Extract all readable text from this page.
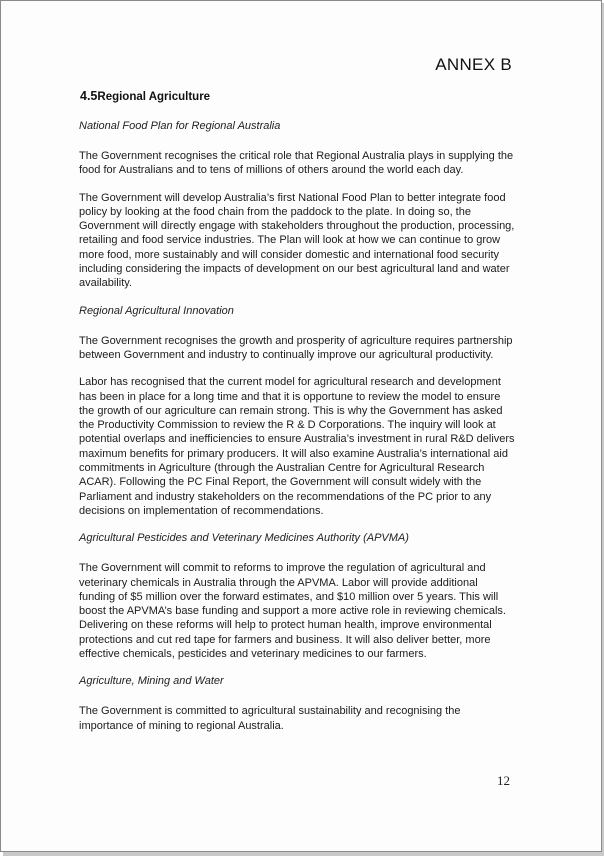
ANNEX B
4.5Regional Agriculture
National Food Plan for Regional Australia

The Government recognises the critical role that Regional Australia plays in supplying the food for Australians and to tens of millions of others around the world each day.

The Government will develop Australia’s first National Food Plan to better integrate food policy by looking at the food chain from the paddock to the plate. In doing so, the Government will directly engage with stakeholders throughout the production, processing, retailing and food service industries. The Plan will look at how we can continue to grow more food, more sustainably and will consider domestic and international food security including considering the impacts of development on our best agricultural land and water availability.

Regional Agricultural Innovation

The Government recognises the growth and prosperity of agriculture requires partnership between Government and industry to continually improve our agricultural productivity.

Labor has recognised that the current model for agricultural research and development has been in place for a long time and that it is opportune to review the model to ensure the growth of our agriculture can remain strong. This is why the Government has asked the Productivity Commission to review the R & D Corporations. The inquiry will look at potential overlaps and inefficiencies to ensure Australia’s investment in rural R&D delivers maximum benefits for primary producers. It will also examine Australia’s international aid commitments in Agriculture (through the Australian Centre for Agricultural Research ACAR). Following the PC Final Report, the Government will consult widely with the Parliament and industry stakeholders on the recommendations of the PC prior to any decisions on implementation of recommendations.

Agricultural Pesticides and Veterinary Medicines Authority (APVMA)

The Government will commit to reforms to improve the regulation of agricultural and veterinary chemicals in Australia through the APVMA. Labor will provide additional funding of $5 million over the forward estimates, and $10 million over 5 years. This will boost the APVMA’s base funding and support a more active role in reviewing chemicals. Delivering on these reforms will help to protect human health, improve environmental protections and cut red tape for farmers and business. It will also deliver better, more effective chemicals, pesticides and veterinary medicines to our farmers.

Agriculture, Mining and Water

The Government is committed to agricultural sustainability and recognising the importance of mining to regional Australia.

12
